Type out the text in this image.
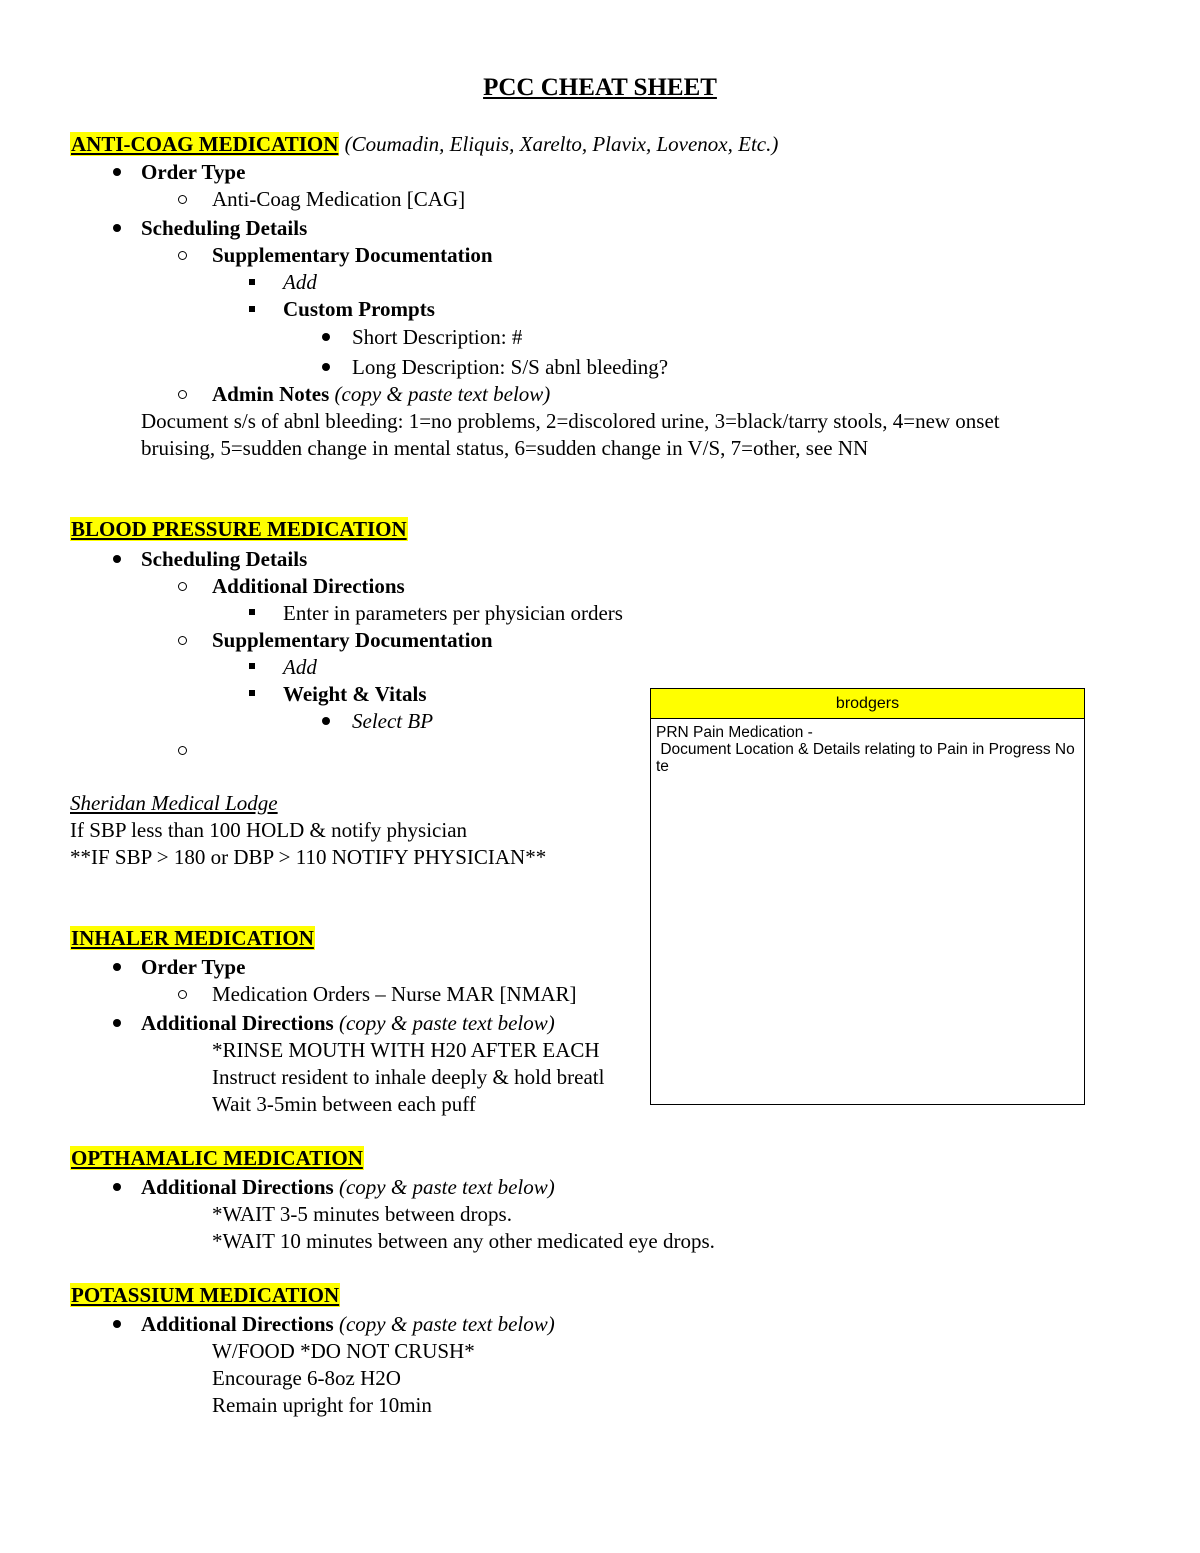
PCC CHEAT SHEET
ANTI-COAG MEDICATION (Coumadin, Eliquis, Xarelto, Plavix, Lovenox, Etc.)
Order Type
Anti-Coag Medication [CAG]
Scheduling Details
Supplementary Documentation
Add
Custom Prompts
Short Description: #
Long Description: S/S abnl bleeding?
Admin Notes (copy & paste text below)
Document s/s of abnl bleeding: 1=no problems, 2=discolored urine, 3=black/tarry stools, 4=new onset
bruising, 5=sudden change in mental status, 6=sudden change in V/S, 7=other, see NN
BLOOD PRESSURE MEDICATION
Scheduling Details
Additional Directions
Enter in parameters per physician orders
Supplementary Documentation
Add
Weight & Vitals
Select BP
Sheridan Medical Lodge
If SBP less than 100 HOLD & notify physician
**IF SBP > 180 or DBP > 110 NOTIFY PHYSICIAN**
INHALER MEDICATION
Order Type
Medication Orders – Nurse MAR [NMAR]
Additional Directions (copy & paste text below)
*RINSE MOUTH WITH H20 AFTER EACH
Instruct resident to inhale deeply & hold breatl
Wait 3-5min between each puff
OPTHAMALIC MEDICATION
Additional Directions (copy & paste text below)
*WAIT 3-5 minutes between drops.
*WAIT 10 minutes between any other medicated eye drops.
POTASSIUM MEDICATION
Additional Directions (copy & paste text below)
W/FOOD *DO NOT CRUSH*
Encourage 6-8oz H2O
Remain upright for 10min
brodgers
PRN Pain Medication -
Document Location & Details relating to Pain in Progress Note
